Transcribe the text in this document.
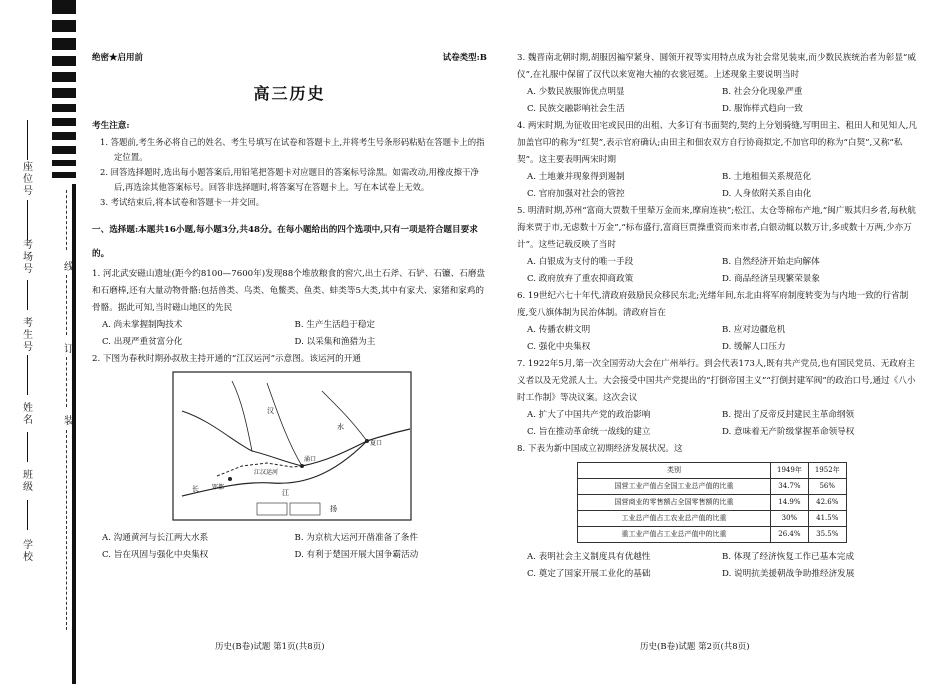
座位号
考场号
考生号
姓名
班级
学校
线
订
装
绝密★启用前	试卷类型:B
高三历史
考生注意:

1. 答题前,考生务必将自己的姓名、考生号填写在试卷和答题卡上,并将考生号条形码粘贴在答题卡上的指定位置。

2. 回答选择题时,选出每小题答案后,用铅笔把答题卡对应题目的答案标号涂黑。如需改动,用橡皮擦干净后,再选涂其他答案标号。回答非选择题时,将答案写在答题卡上。写在本试卷上无效。

3. 考试结束后,将本试卷和答题卡一并交回。

一、选择题:本题共16小题,每小题3分,共48分。在每小题给出的四个选项中,只有一项是符合题目要求的。
1. 河北武安磁山遗址(距今约8100—7600年)发现88个堆放粮食的窖穴,出土石斧、石铲、石镰、石磨盘和石磨棒,还有大量动物骨骼:包括兽类、鸟类、龟鳖类、鱼类、蚌类等5大类,其中有家犬、家猪和家鸡的骨骼。据此可知,当时磁山地区的先民
A. 尚未掌握制陶技术	B. 生产生活趋于稳定
C. 出现严重贫富分化	D. 以采集和渔猎为主
2. 下图为春秋时期孙叔敖主持开通的“江汉运河”示意图。该运河的开通
汉
水
江汉运河
郢都
长	江
夏口
涌口
扬
A. 沟通黄河与长江两大水系	B. 为京杭大运河开凿准备了条件
C. 旨在巩固与强化中央集权	D. 有利于楚国开展大国争霸活动
历史(B卷)试题 第1页(共8页)
3. 魏晋南北朝时期,胡服因褊窄紧身、圆领开衩等实用特点成为社会常见装束,而少数民族统治者为彰显“威仪”,在礼服中保留了汉代以来宽袍大袖的衣裳冠冕。上述现象主要说明当时
A. 少数民族服饰优点明显	B. 社会分化现象严重
C. 民族交融影响社会生活	D. 服饰样式趋向一致
4. 两宋时期,为征收田宅或民田的出租、大多订有书面契约,契约上分划骑缝,写明田主、租田人和见知人,凡加盖官印的称为“红契”,表示官府确认;由田主和佃农双方自行协商拟定,不加官印的称为“白契”,又称“私契”。这主要表明两宋时期
A. 土地兼并现象得到遏制	B. 土地租佃关系规范化
C. 官府加强对社会的管控	D. 人身依附关系自由化
5. 明清时期,苏州“富商大贾数千里辇万金而来,摩肩连袂”;松江、太仓等棉布产地,“闽广贩其归乡者,每秋航海来贾于市,无虑数十万金”,“标布盛行,富商巨贾操重资而来市者,白银动辄以数万计,多或数十万两,少亦万计”。这些记载反映了当时
A. 白银成为支付的唯一手段	B. 自然经济开始走向解体
C. 政府放弃了重农抑商政策	D. 商品经济呈现繁荣景象
6. 19世纪六七十年代,清政府鼓励民众移民东北;光绪年间,东北由将军府制度转变为与内地一致的行省制度,变八旗体制为民治体制。清政府旨在
A. 传播农耕文明	B. 应对边疆危机
C. 强化中央集权	D. 缓解人口压力
7. 1922年5月,第一次全国劳动大会在广州举行。到会代表173人,既有共产党员,也有国民党员、无政府主义者以及无党派人士。大会接受中国共产党提出的“打倒帝国主义”“打倒封建军阀”的政治口号,通过《八小时工作制》等决议案。这次会议
A. 扩大了中国共产党的政治影响	B. 提出了反帝反封建民主革命纲领
C. 旨在推动革命统一战线的建立	D. 意味着无产阶级掌握革命领导权
8. 下表为新中国成立初期经济发展状况。这
类别	1949年	1952年
国营工业产值占全国工业总产值的比重	34.7%	56%
国营商业的零售额占全国零售额的比重	14.9%	42.6%
工业总产值占工农业总产值的比重	30%	41.5%
重工业产值占工业总产值中的比重	26.4%	35.5%
A. 表明社会主义制度具有优越性	B. 体现了经济恢复工作已基本完成
C. 奠定了国家开展工业化的基础	D. 说明抗美援朝战争助推经济发展
历史(B卷)试题 第2页(共8页)
